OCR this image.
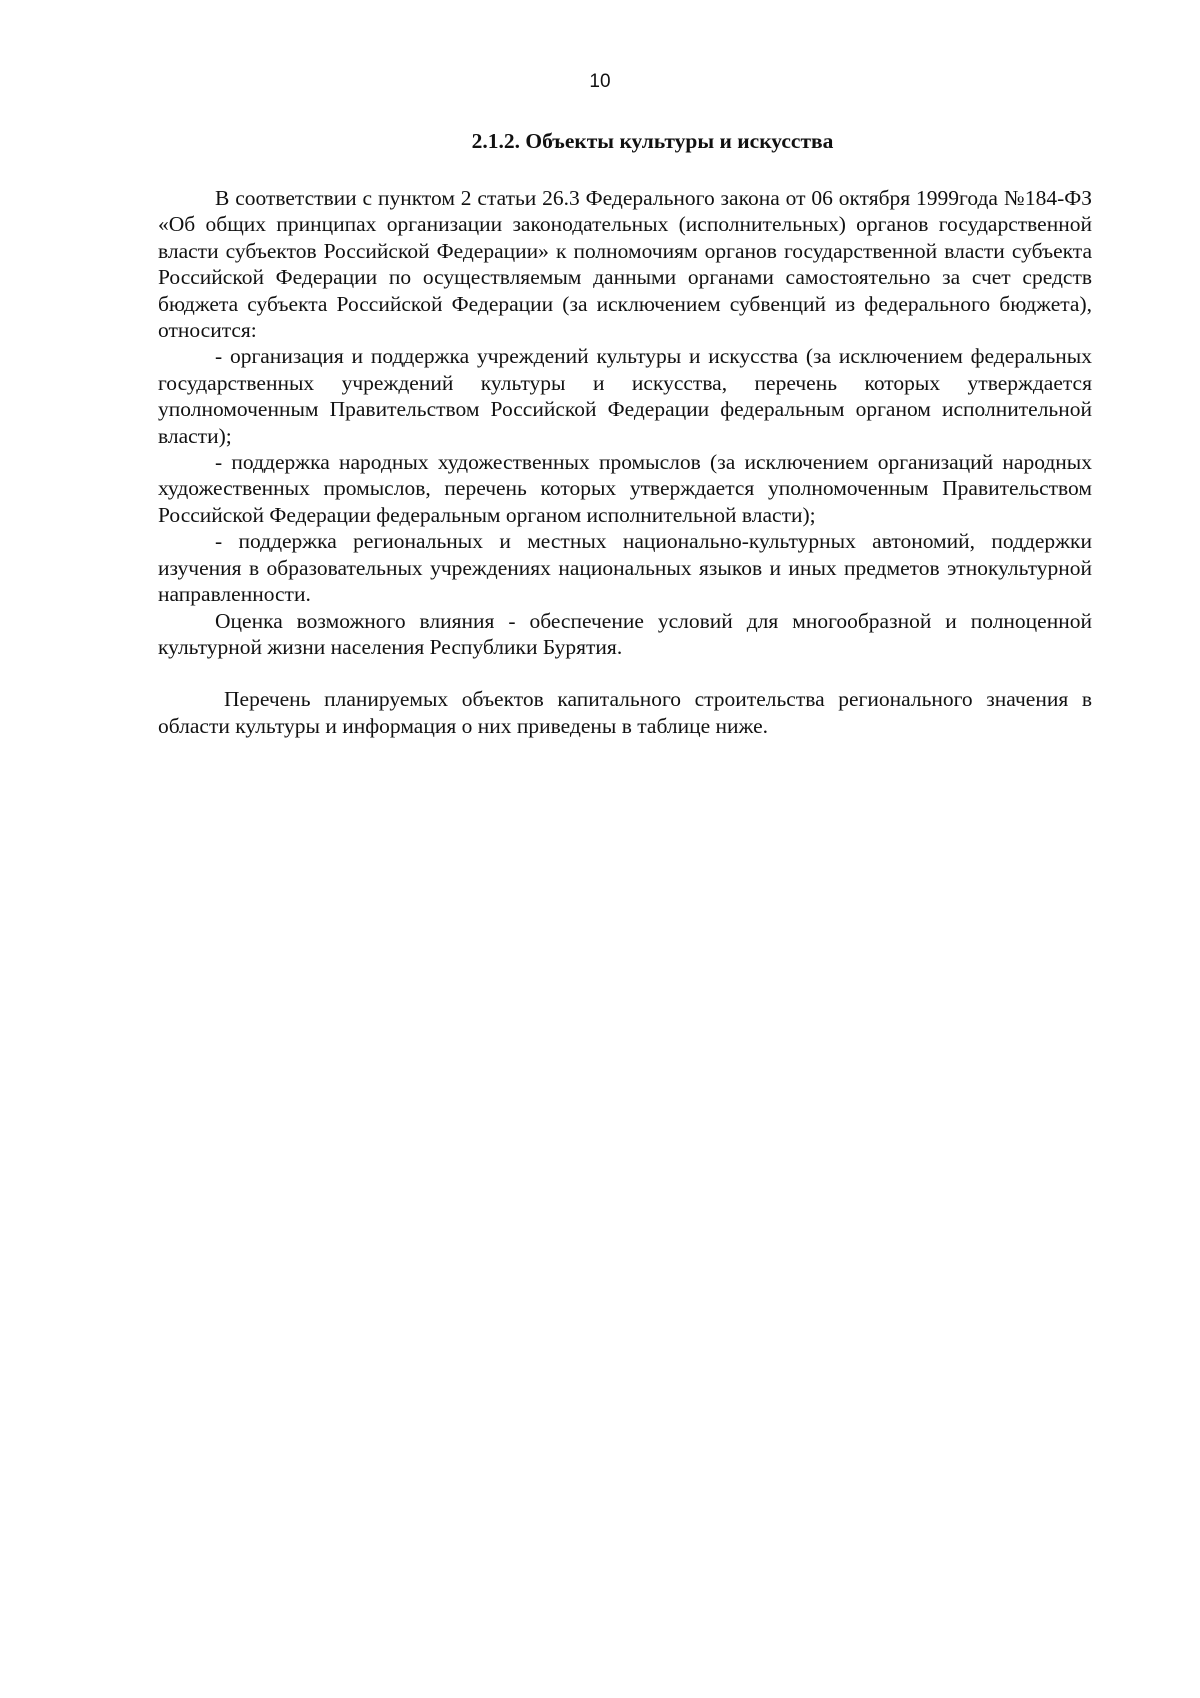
10
2.1.2. Объекты культуры и искусства

В соответствии с пунктом 2 статьи 26.3 Федерального закона от 06 октября 1999года №184-ФЗ «Об общих принципах организации законодательных (исполнительных) органов государственной власти субъектов Российской Федерации» к полномочиям органов государственной власти субъекта Российской Федерации по осуществляемым данными органами самостоятельно за счет средств бюджета субъекта Российской Федерации (за исключением субвенций из федерального бюджета), относится:

- организация и поддержка учреждений культуры и искусства (за исключением федеральных государственных учреждений культуры и искусства, перечень которых утверждается уполномоченным Правительством Российской Федерации федеральным органом исполнительной власти);

- поддержка народных художественных промыслов (за исключением организаций народных художественных промыслов, перечень которых утверждается уполномоченным Правительством Российской Федерации федеральным органом исполнительной власти);

- поддержка региональных и местных национально-культурных автономий, поддержки изучения в образовательных учреждениях национальных языков и иных предметов этнокультурной направленности.

Оценка возможного влияния - обеспечение условий для многообразной и полноценной культурной жизни населения Республики Бурятия.

Перечень планируемых объектов капитального строительства регионального значения в области культуры и информация о них приведены в таблице ниже.
